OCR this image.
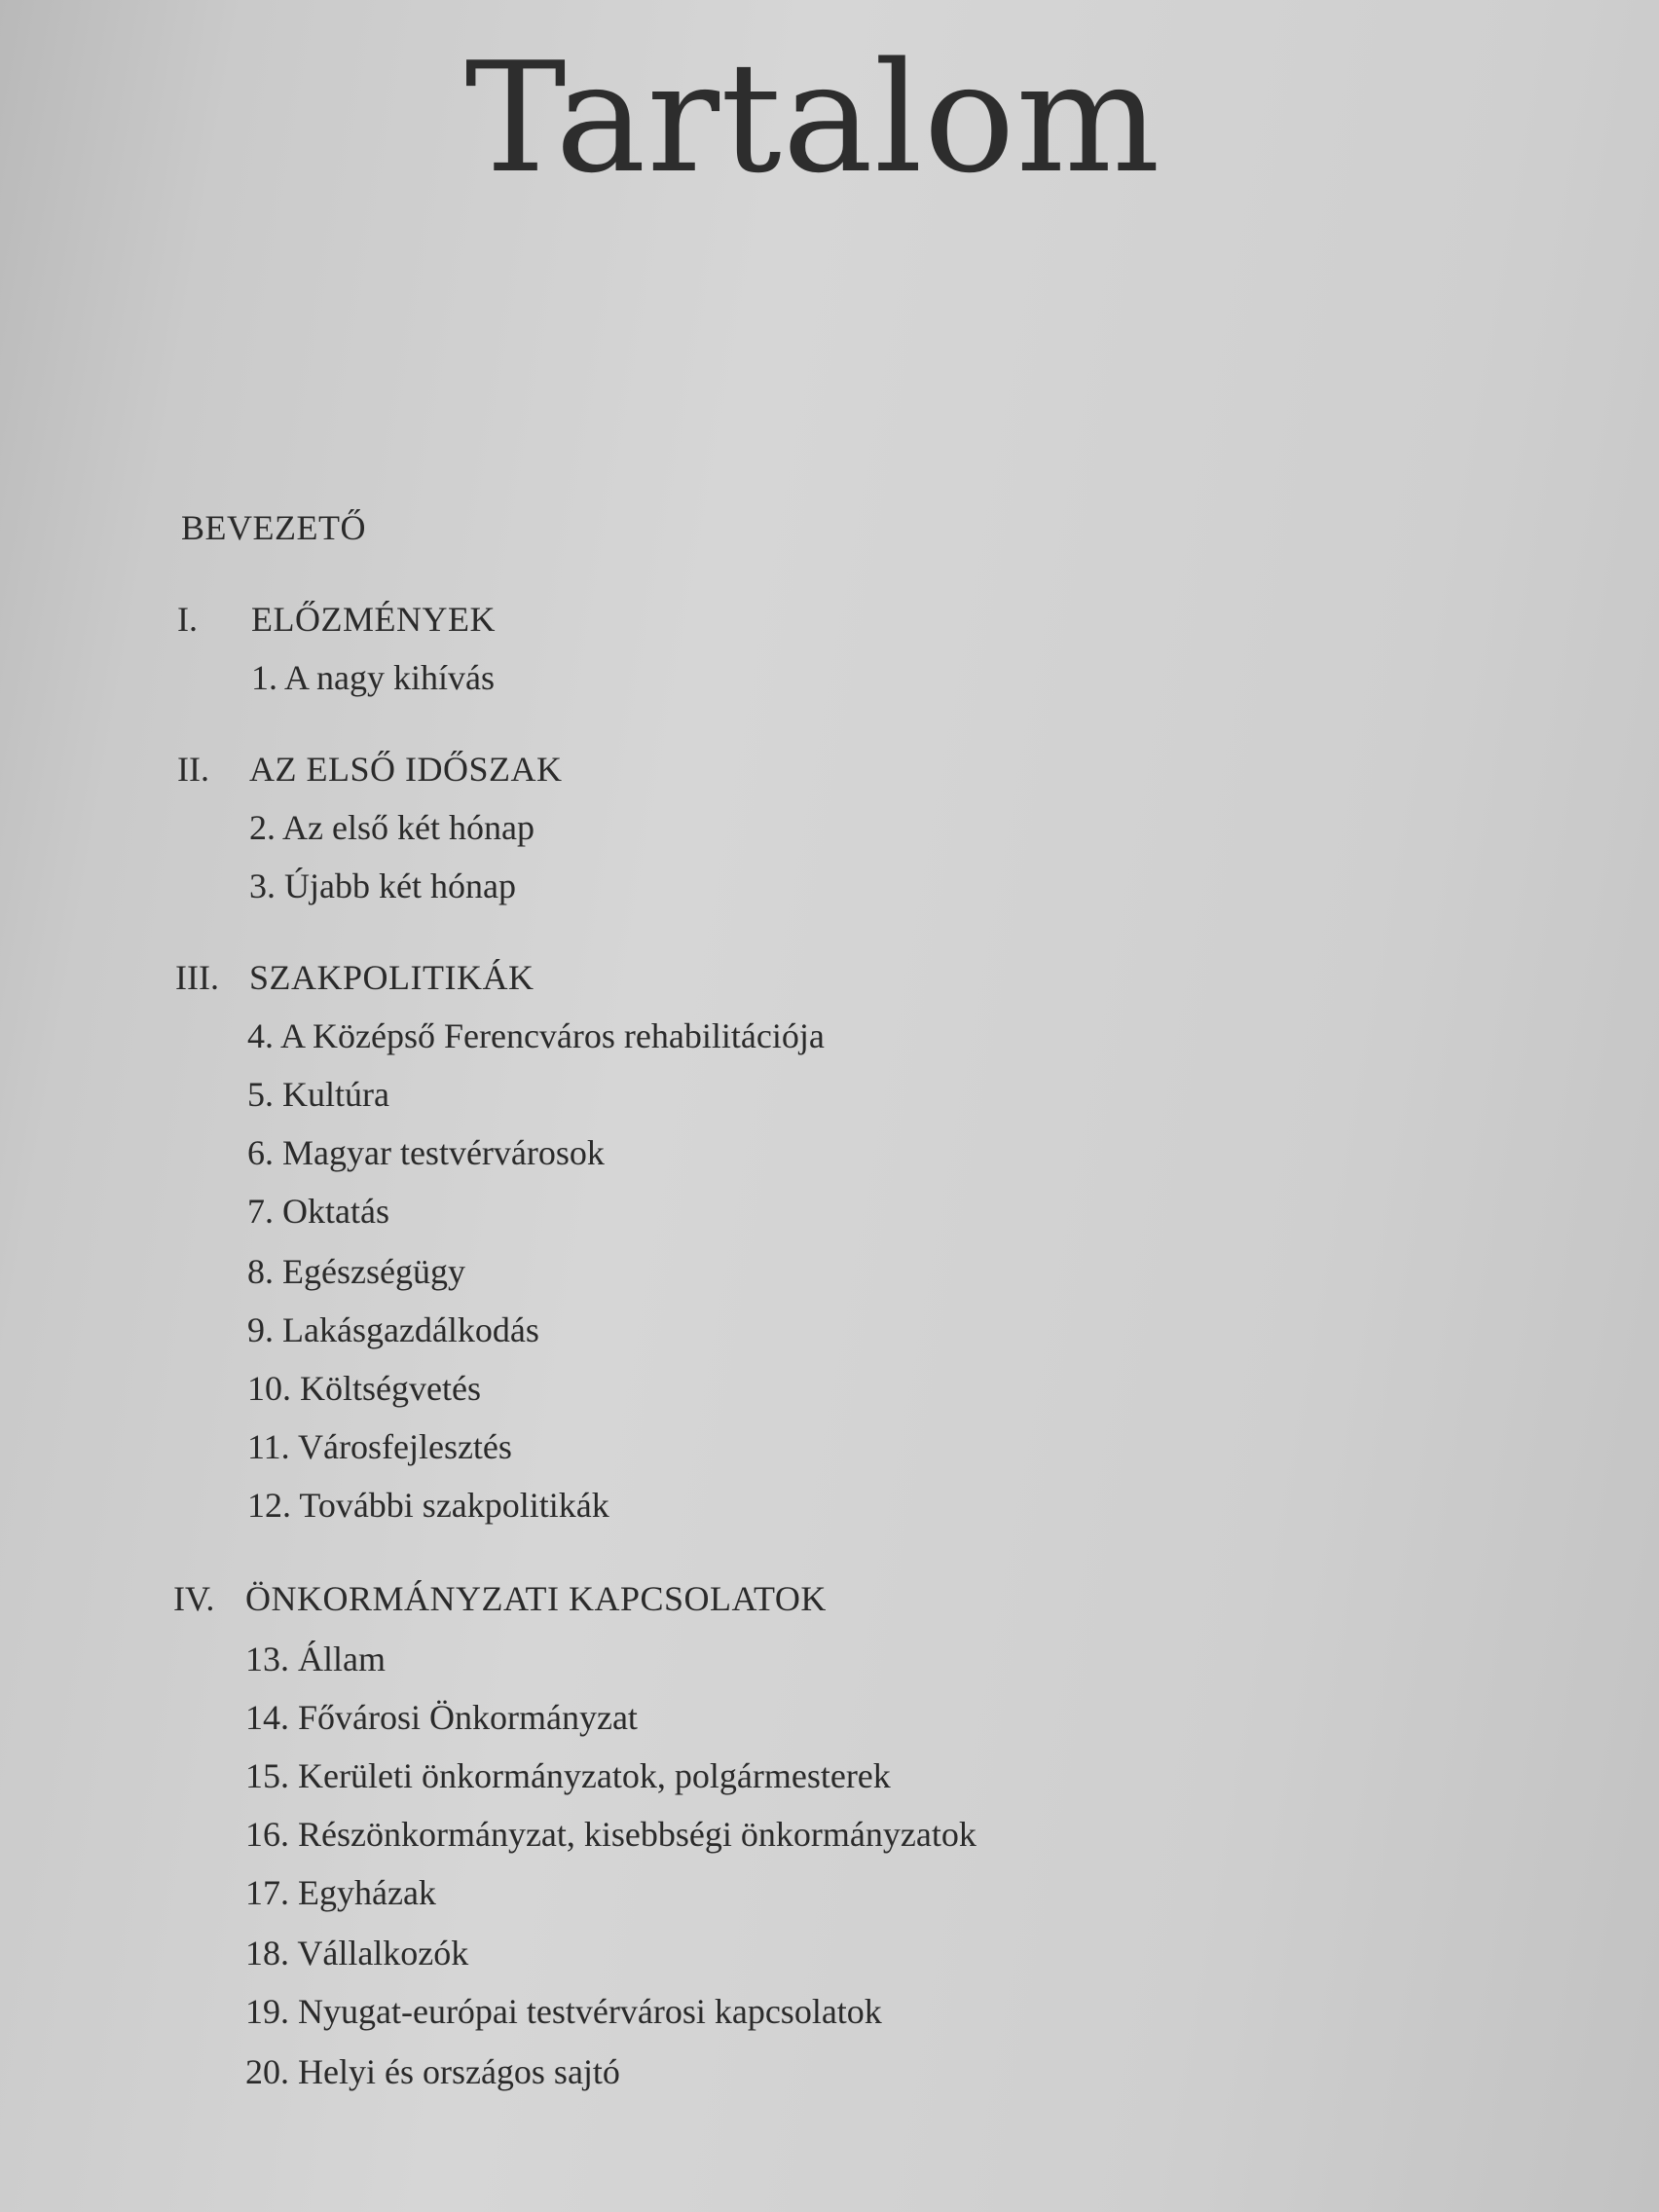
Tartalom
BEVEZETŐ
I. ELŐZMÉNYEK
1. A nagy kihívás
II. AZ ELSŐ IDŐSZAK
2. Az első két hónap
3. Újabb két hónap
III. SZAKPOLITIKÁK
4. A Középső Ferencváros rehabilitációja
5. Kultúra
6. Magyar testvérvárosok
7. Oktatás
8. Egészségügy
9. Lakásgazdálkodás
10. Költségvetés
11. Városfejlesztés
12. További szakpolitikák
IV. ÖNKORMÁNYZATI KAPCSOLATOK
13. Állam
14. Fővárosi Önkormányzat
15. Kerületi önkormányzatok, polgármesterek
16. Részönkormányzat, kisebbségi önkormányzatok
17. Egyházak
18. Vállalkozók
19. Nyugat-európai testvérvárosi kapcsolatok
20. Helyi és országos sajtó
